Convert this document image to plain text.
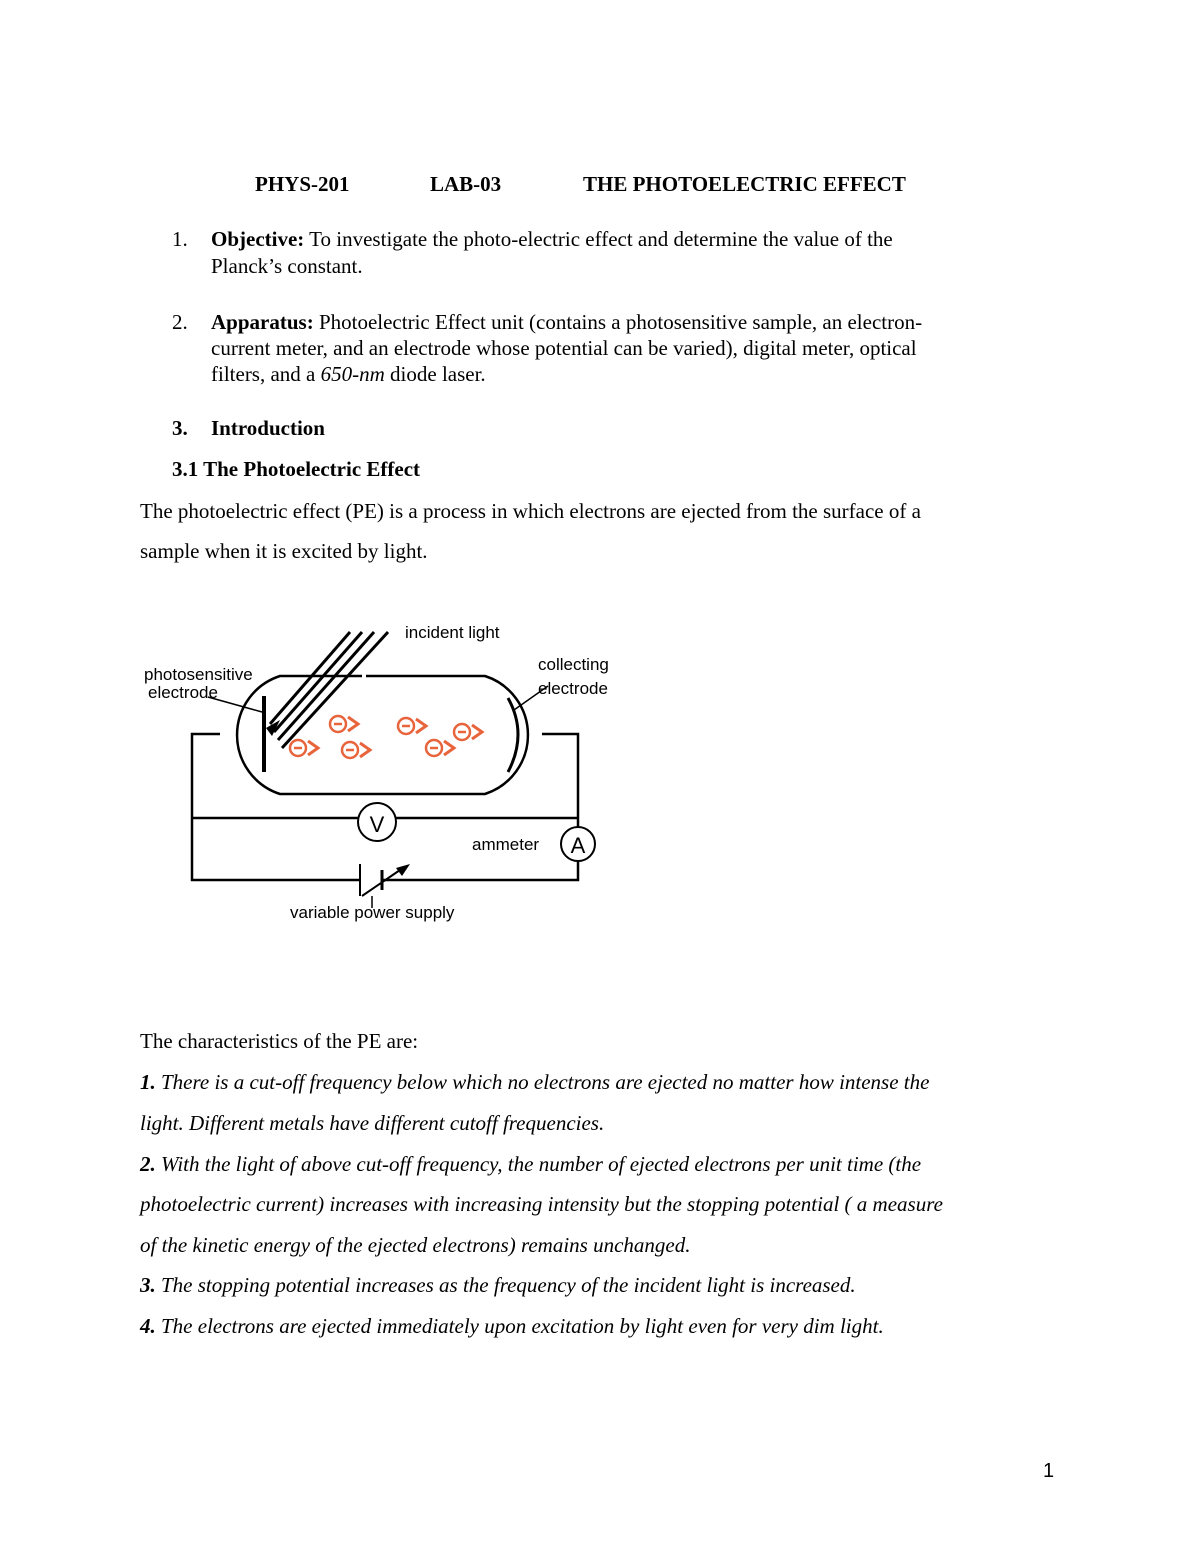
PHYS-201	LAB-03	THE PHOTOELECTRIC EFFECT
1. Objective: To investigate the photo-electric effect and determine the value of the
Planck’s constant.
2. Apparatus: Photoelectric Effect unit (contains a photosensitive sample, an electron-
current meter, and an electrode whose potential can be varied), digital meter, optical
filters, and a 650-nm diode laser.
3. Introduction
3.1 The Photoelectric Effect
The photoelectric effect (PE) is a process in which electrons are ejected from the surface of a
sample when it is excited by light.
incident light
photosensitive
electrode
collecting
electrode
V
A
ammeter
variable power supply
The characteristics of the PE are:
1. There is a cut-off frequency below which no electrons are ejected no matter how intense the
light. Different metals have different cutoff frequencies.
2. With the light of above cut-off frequency, the number of ejected electrons per unit time (the
photoelectric current) increases with increasing intensity but the stopping potential ( a measure
of the kinetic energy of the ejected electrons) remains unchanged.
3. The stopping potential increases as the frequency of the incident light is increased.
4. The electrons are ejected immediately upon excitation by light even for very dim light.
1
